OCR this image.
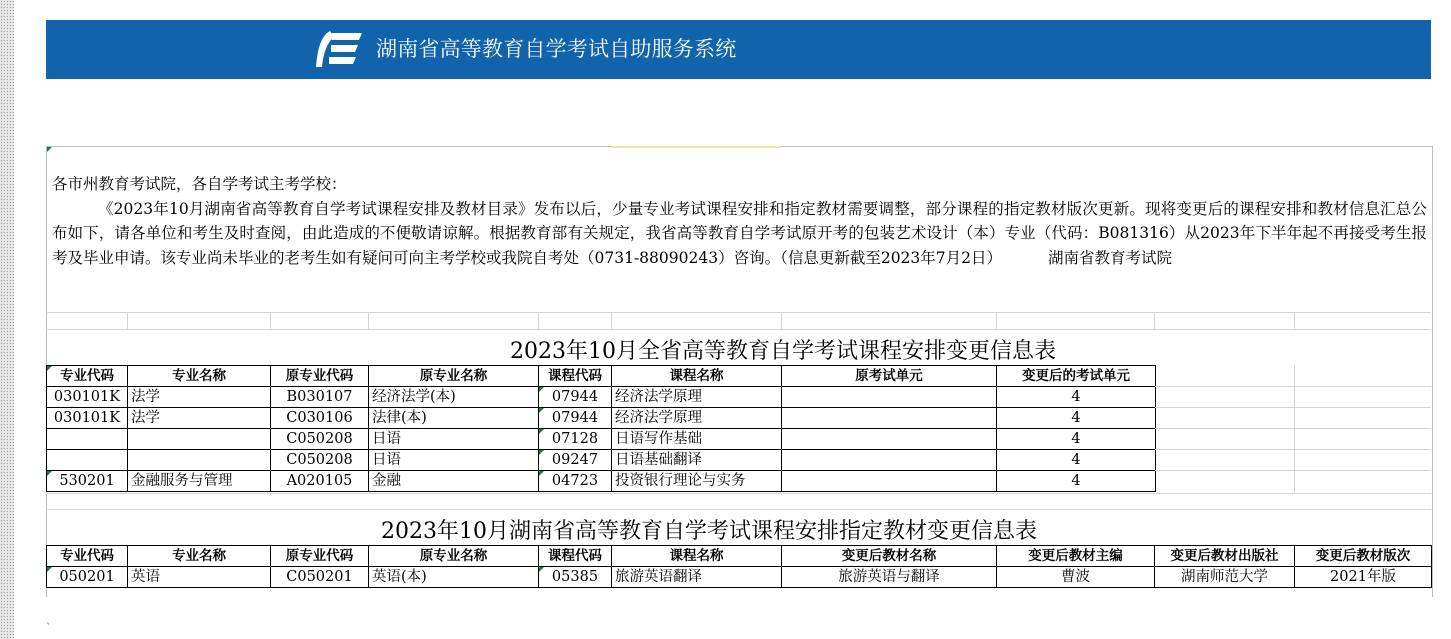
湖南省高等教育自学考试自助服务系统

各市州教育考试院，各自学考试主考学校：

《2023年10月湖南省高等教育自学考试课程安排及教材目录》发布以后，少量专业考试课程安排和指定教材需要调整，部分课程的指定教材版次更新。现将变更后的课程安排和教材信息汇总公布如下，请各单位和考生及时查阅，由此造成的不便敬请谅解。根据教育部有关规定，我省高等教育自学考试原开考的包装艺术设计（本）专业（代码：B081316）从2023年下半年起不再接受考生报考及毕业申请。该专业尚未毕业的老考生如有疑问可向主考学校或我院自考处（0731-88090243）咨询。（信息更新截至2023年7月2日）	湖南省教育考试院

2023年10月全省高等教育自学考试课程安排变更信息表
专业代码	专业名称	原专业代码	原专业名称	课程代码	课程名称	原考试单元	变更后的考试单元
030101K	法学	B030107	经济法学(本)	07944	经济法学原理		4
030101K	法学	C030106	法律(本)	07944	经济法学原理		4
		C050208	日语	07128	日语写作基础		4
		C050208	日语	09247	日语基础翻译		4
530201	金融服务与管理	A020105	金融	04723	投资银行理论与实务		4
2023年10月湖南省高等教育自学考试课程安排指定教材变更信息表
专业代码	专业名称	原专业代码	原专业名称	课程代码	课程名称	变更后教材名称	变更后教材主编	变更后教材出版社	变更后教材版次
050201	英语	C050201	英语(本)	05385	旅游英语翻译	旅游英语与翻译	曹波	湖南师范大学	2021年版
`
